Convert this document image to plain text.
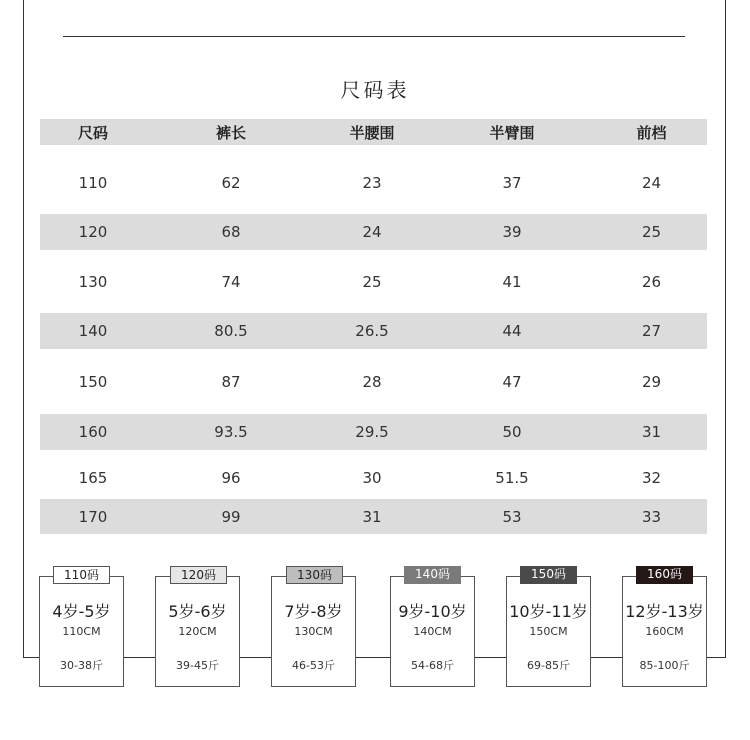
尺码表
尺码	裤长	半腰围	半臂围	前档
110	62	23	37	24
120	68	24	39	25
130	74	25	41	26
140	80.5	26.5	44	27
150	87	28	47	29
160	93.5	29.5	50	31
165	96	30	51.5	32
170	99	31	53	33
4岁-5岁
110CM
30-38斤
110码
5岁-6岁
120CM
39-45斤
120码
7岁-8岁
130CM
46-53斤
130码
9岁-10岁
140CM
54-68斤
140码
10岁-11岁
150CM
69-85斤
150码
12岁-13岁
160CM
85-100斤
160码
